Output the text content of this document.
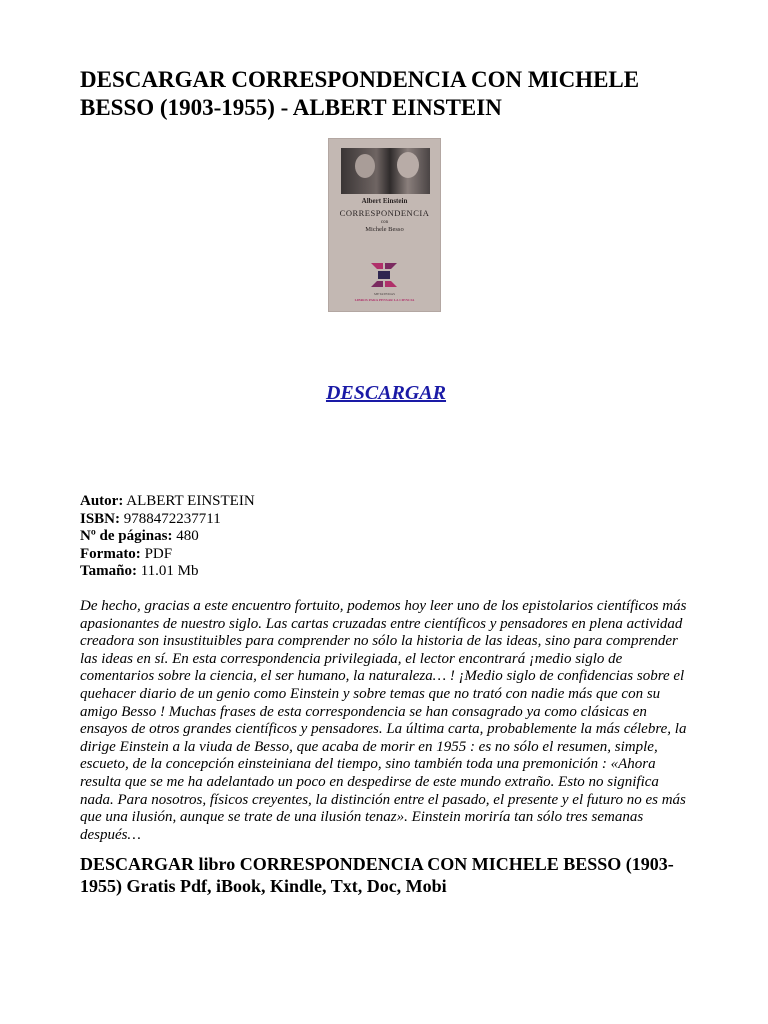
DESCARGAR CORRESPONDENCIA CON MICHELE BESSO (1903-1955) - ALBERT EINSTEIN
Albert Einstein
CORRESPONDENCIA
con
Michele Besso
METATEMAS
LIBROS PARA PENSAR LA CIENCIA
DESCARGAR
Autor: ALBERT EINSTEIN
ISBN: 9788472237711
Nº de páginas: 480
Formato: PDF
Tamaño: 11.01 Mb

De hecho, gracias a este encuentro fortuito, podemos hoy leer uno de los epistolarios científicos más apasionantes de nuestro siglo. Las cartas cruzadas entre científicos y pensadores en plena actividad creadora son insustituibles para comprender no sólo la historia de las ideas, sino para comprender las ideas en sí. En esta correspondencia privilegiada, el lector encontrará ¡medio siglo de comentarios sobre la ciencia, el ser humano, la naturaleza… ! ¡Medio siglo de confidencias sobre el quehacer diario de un genio como Einstein y sobre temas que no trató con nadie más que con su amigo Besso ! Muchas frases de esta correspondencia se han consagrado ya como clásicas en ensayos de otros grandes científicos y pensadores. La última carta, probablemente la más célebre, la dirige Einstein a la viuda de Besso, que acaba de morir en 1955 : es no sólo el resumen, simple, escueto, de la concepción einsteiniana del tiempo, sino también toda una premonición : «Ahora resulta que se me ha adelantado un poco en despedirse de este mundo extraño. Esto no significa nada. Para nosotros, físicos creyentes, la distinción entre el pasado, el presente y el futuro no es más que una ilusión, aunque se trate de una ilusión tenaz». Einstein moriría tan sólo tres semanas después…

DESCARGAR libro CORRESPONDENCIA CON MICHELE BESSO (1903-1955) Gratis Pdf, iBook, Kindle, Txt, Doc, Mobi
